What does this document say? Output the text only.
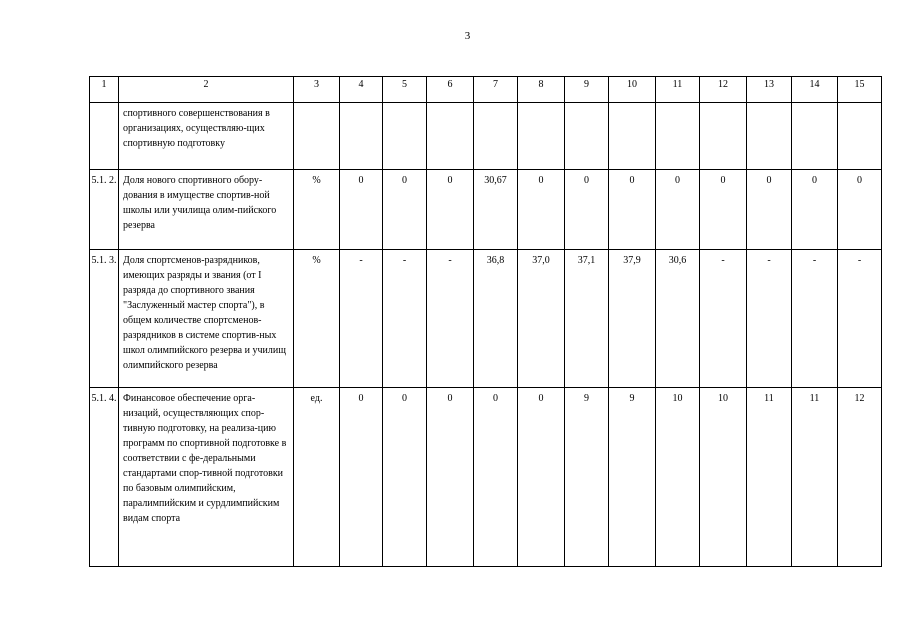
3
1	2	3	4	5	6	7	8	9	10	11	12	13	14	15
	спортивного совершенствования в организациях, осуществляю-щих спортивную подготовку													
5.1. 2.	Доля нового спортивного обору-дования в имуществе спортив-ной школы или училища олим-пийского резерва	%	0	0	0	30,67	0	0	0	0	0	0	0	0
5.1. 3.	Доля спортсменов-разрядников, имеющих разряды и звания (от I разряда до спортивного звания "Заслуженный мастер спорта"), в общем количестве спортсменов-разрядников в системе спортив-ных школ олимпийского резерва и училищ олимпийского резерва	%	-	-	-	36,8	37,0	37,1	37,9	30,6	-	-	-	-
5.1. 4.	Финансовое обеспечение орга-низаций, осуществляющих спор-тивную подготовку, на реализа-цию программ по спортивной подготовке в соответствии с фе-деральными стандартами спор-тивной подготовки по базовым олимпийским, паралимпийским и сурдлимпийским видам спорта	ед.	0	0	0	0	0	9	9	10	10	11	11	12
